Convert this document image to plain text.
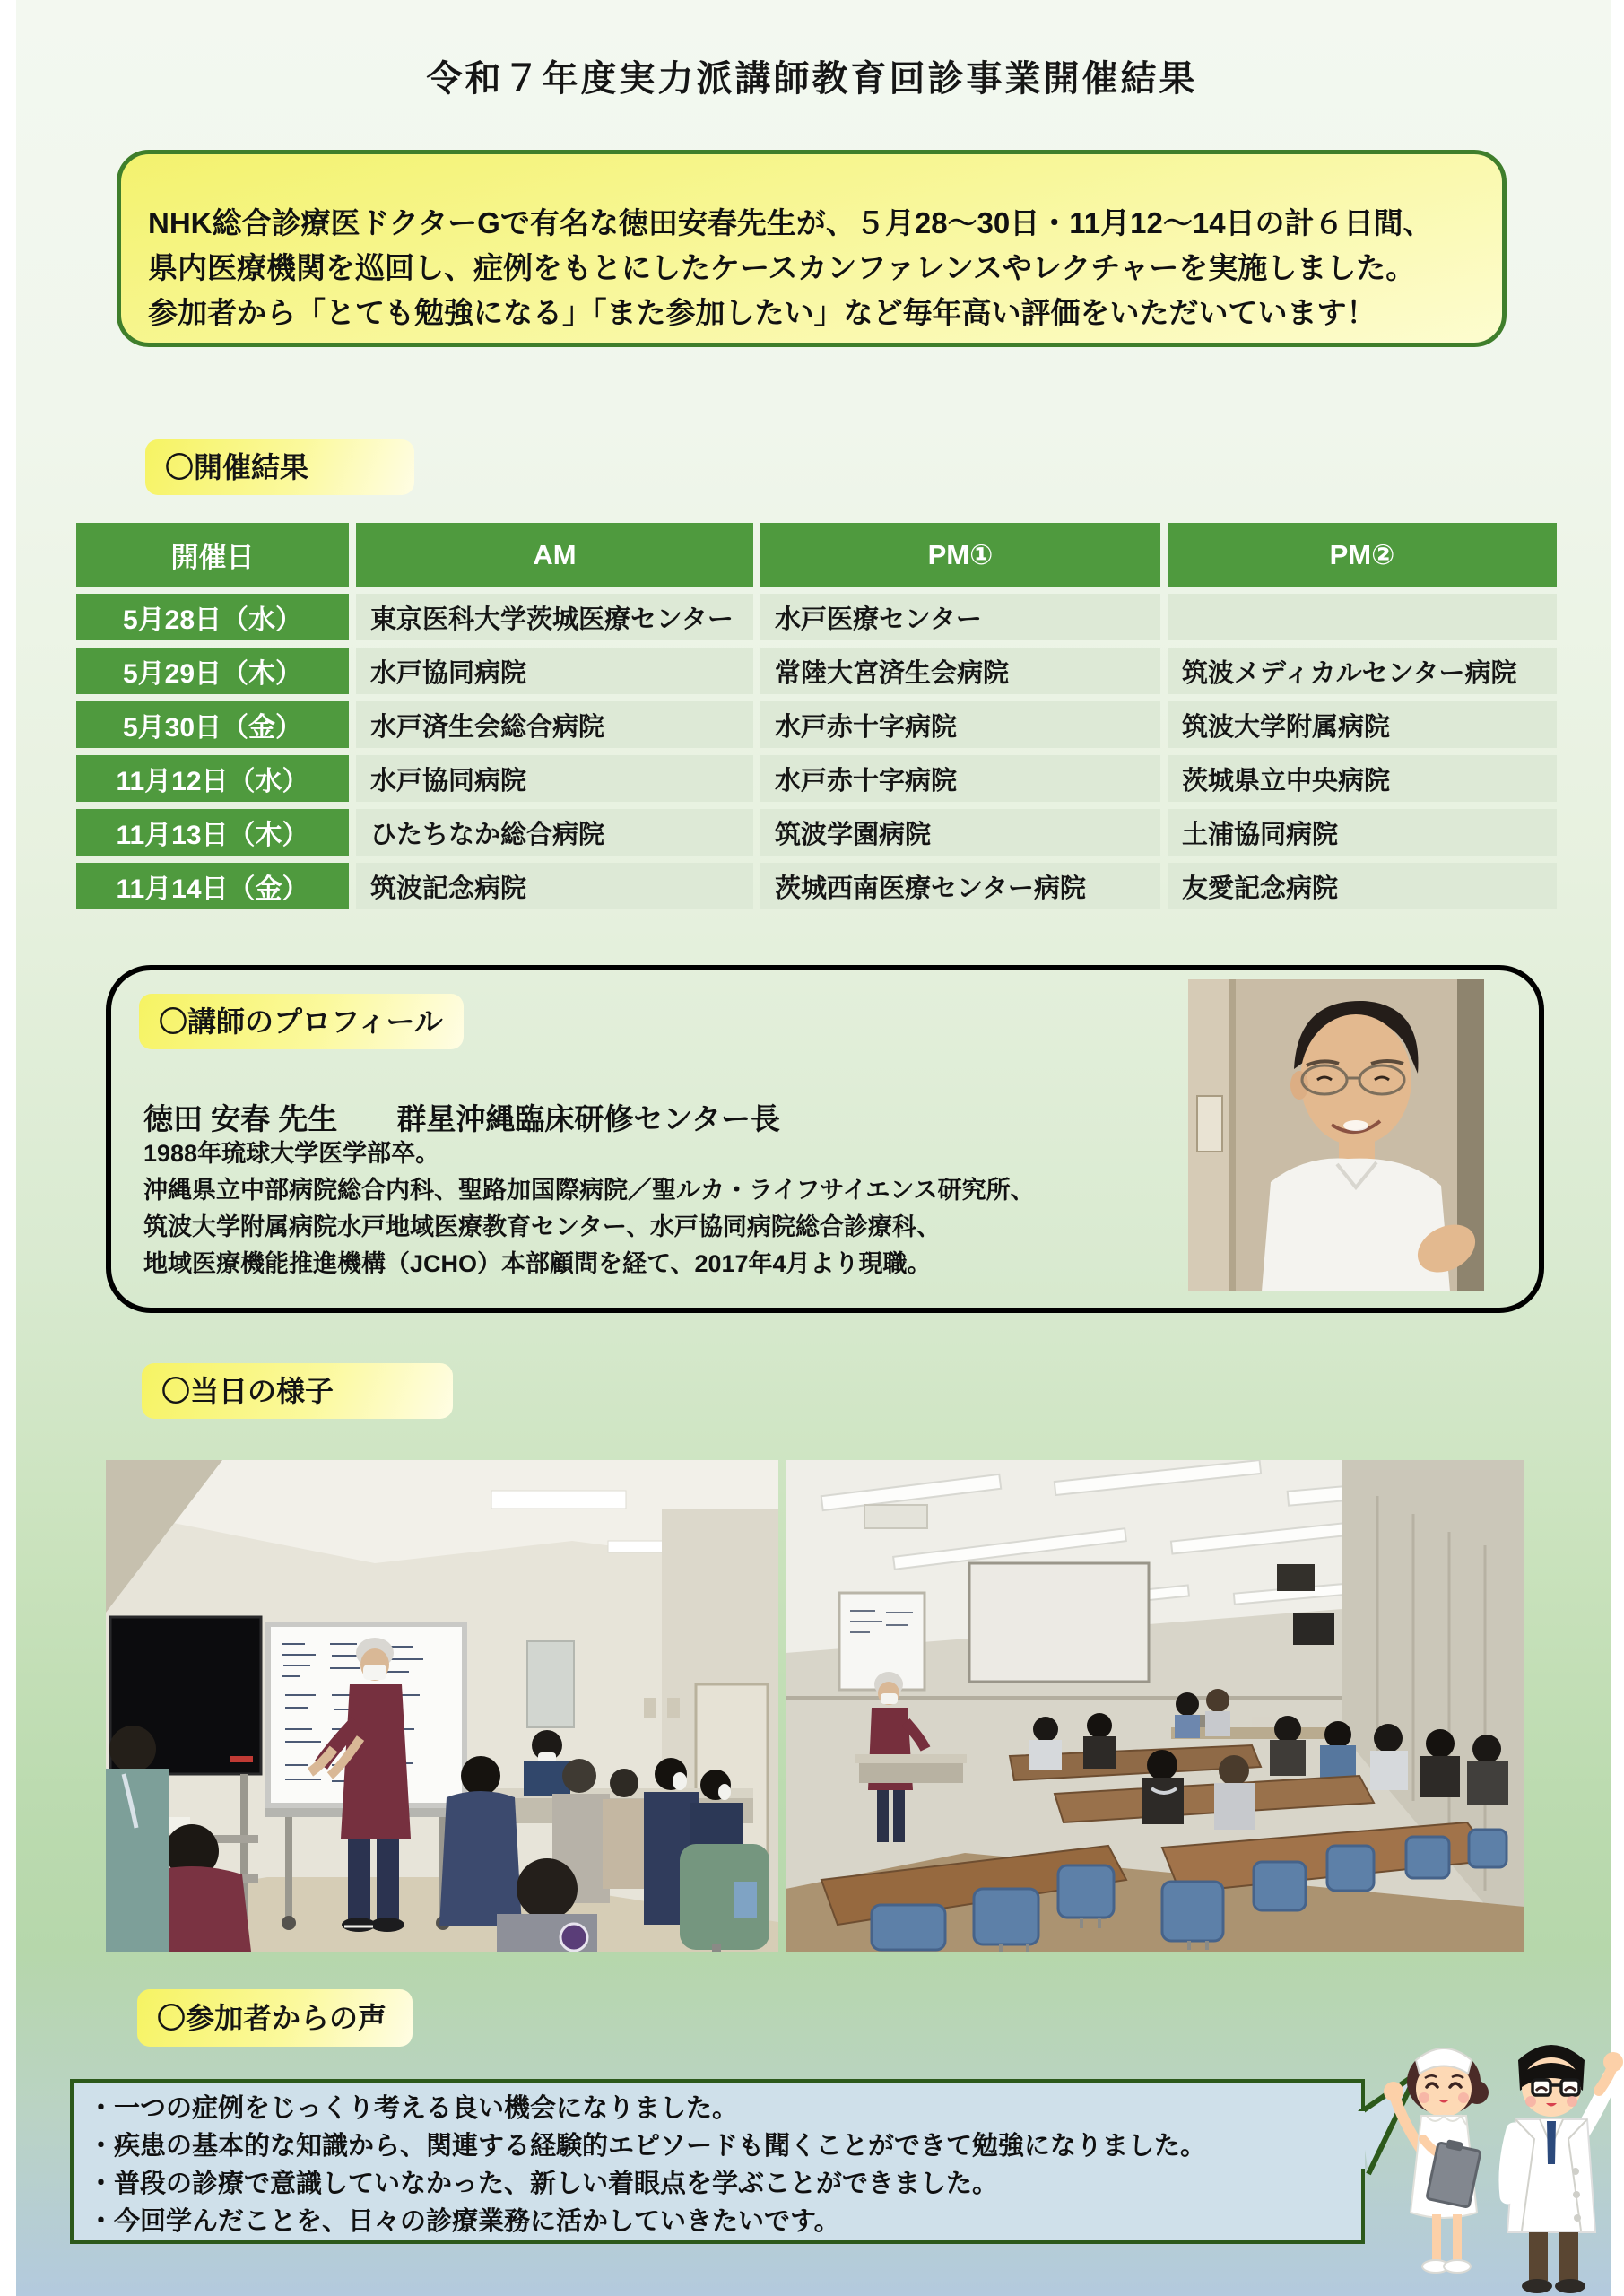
令和７年度実力派講師教育回診事業開催結果
NHK総合診療医ドクターGで有名な徳田安春先生が、５月28～30日・11月12～14日の計６日間、
県内医療機関を巡回し、症例をもとにしたケースカンファレンスやレクチャーを実施しました。
参加者から「とても勉強になる」「また参加したい」など毎年高い評価をいただいています！
〇開催結果
開催日	AM	PM①	PM②
5月28日（水）	東京医科大学茨城医療センター	水戸医療センター
5月29日（木）	水戸協同病院	常陸大宮済生会病院	筑波メディカルセンター病院
5月30日（金）	水戸済生会総合病院	水戸赤十字病院	筑波大学附属病院
11月12日（水）	水戸協同病院	水戸赤十字病院	茨城県立中央病院
11月13日（木）	ひたちなか総合病院	筑波学園病院	土浦協同病院
11月14日（金）	筑波記念病院	茨城西南医療センター病院	友愛記念病院
〇講師のプロフィール
徳田 安春 先生　　群星沖縄臨床研修センター長
1988年琉球大学医学部卒。
沖縄県立中部病院総合内科、聖路加国際病院／聖ルカ・ライフサイエンス研究所、
筑波大学附属病院水戸地域医療教育センター、水戸協同病院総合診療科、
地域医療機能推進機構（JCHO）本部顧問を経て、2017年4月より現職。
〇当日の様子
〇参加者からの声
・一つの症例をじっくり考える良い機会になりました。
・疾患の基本的な知識から、関連する経験的エピソードも聞くことができて勉強になりました。
・普段の診療で意識していなかった、新しい着眼点を学ぶことができました。
・今回学んだことを、日々の診療業務に活かしていきたいです。
